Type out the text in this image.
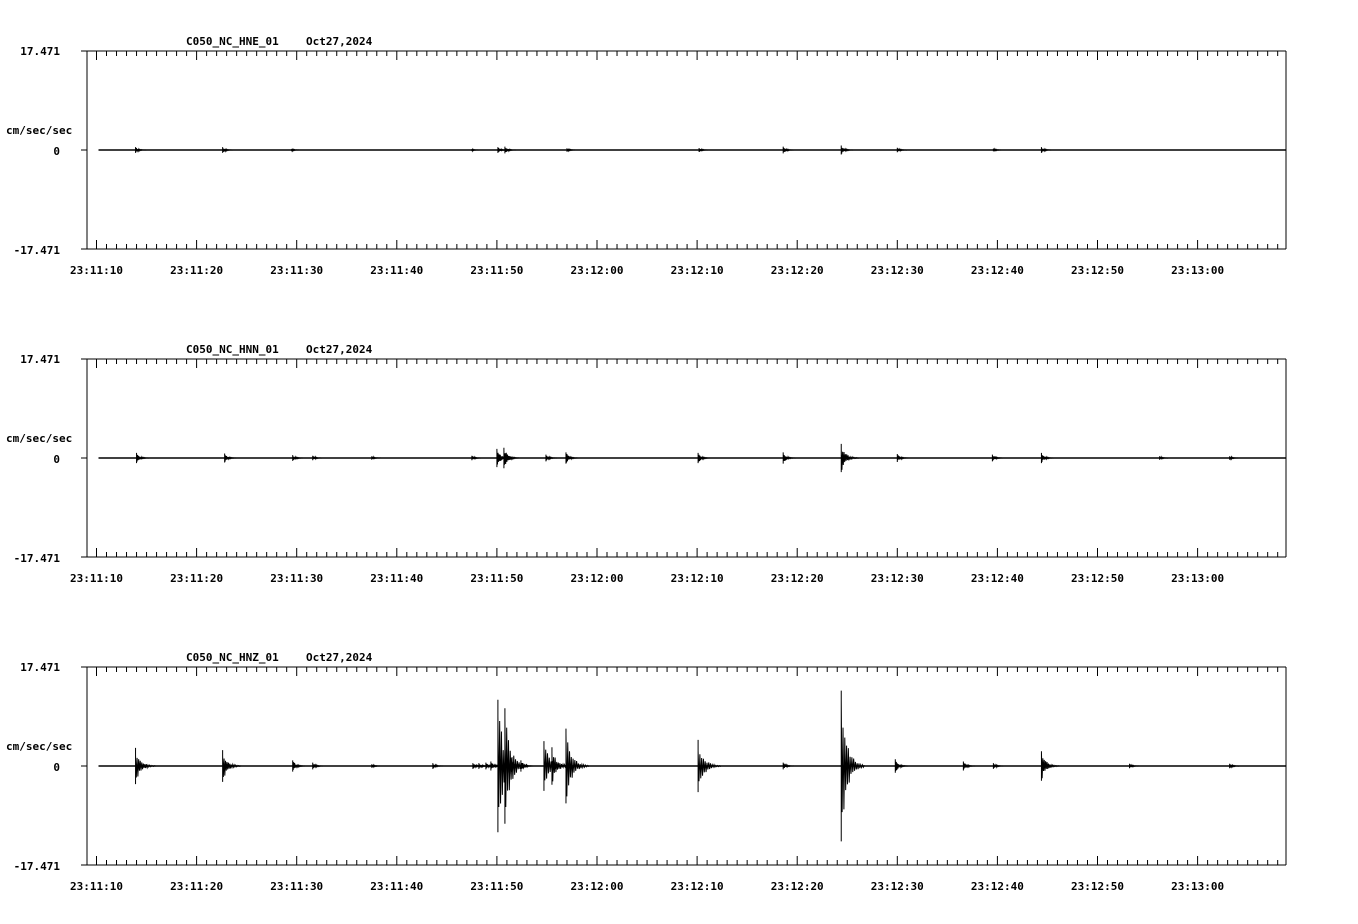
C050_NC_HNE_01 Oct27,2024
17.471
cm/sec/sec
0
-17.471
23:11:10	23:11:20	23:11:30	23:11:40	23:11:50	23:12:00	23:12:10	23:12:20	23:12:30	23:12:40	23:12:50	23:13:00
C050_NC_HNN_01 Oct27,2024
17.471
cm/sec/sec
0
-17.471
23:11:10	23:11:20	23:11:30	23:11:40	23:11:50	23:12:00	23:12:10	23:12:20	23:12:30	23:12:40	23:12:50	23:13:00
C050_NC_HNZ_01 Oct27,2024
17.471
cm/sec/sec
0
-17.471
23:11:10	23:11:20	23:11:30	23:11:40	23:11:50	23:12:00	23:12:10	23:12:20	23:12:30	23:12:40	23:12:50	23:13:00
